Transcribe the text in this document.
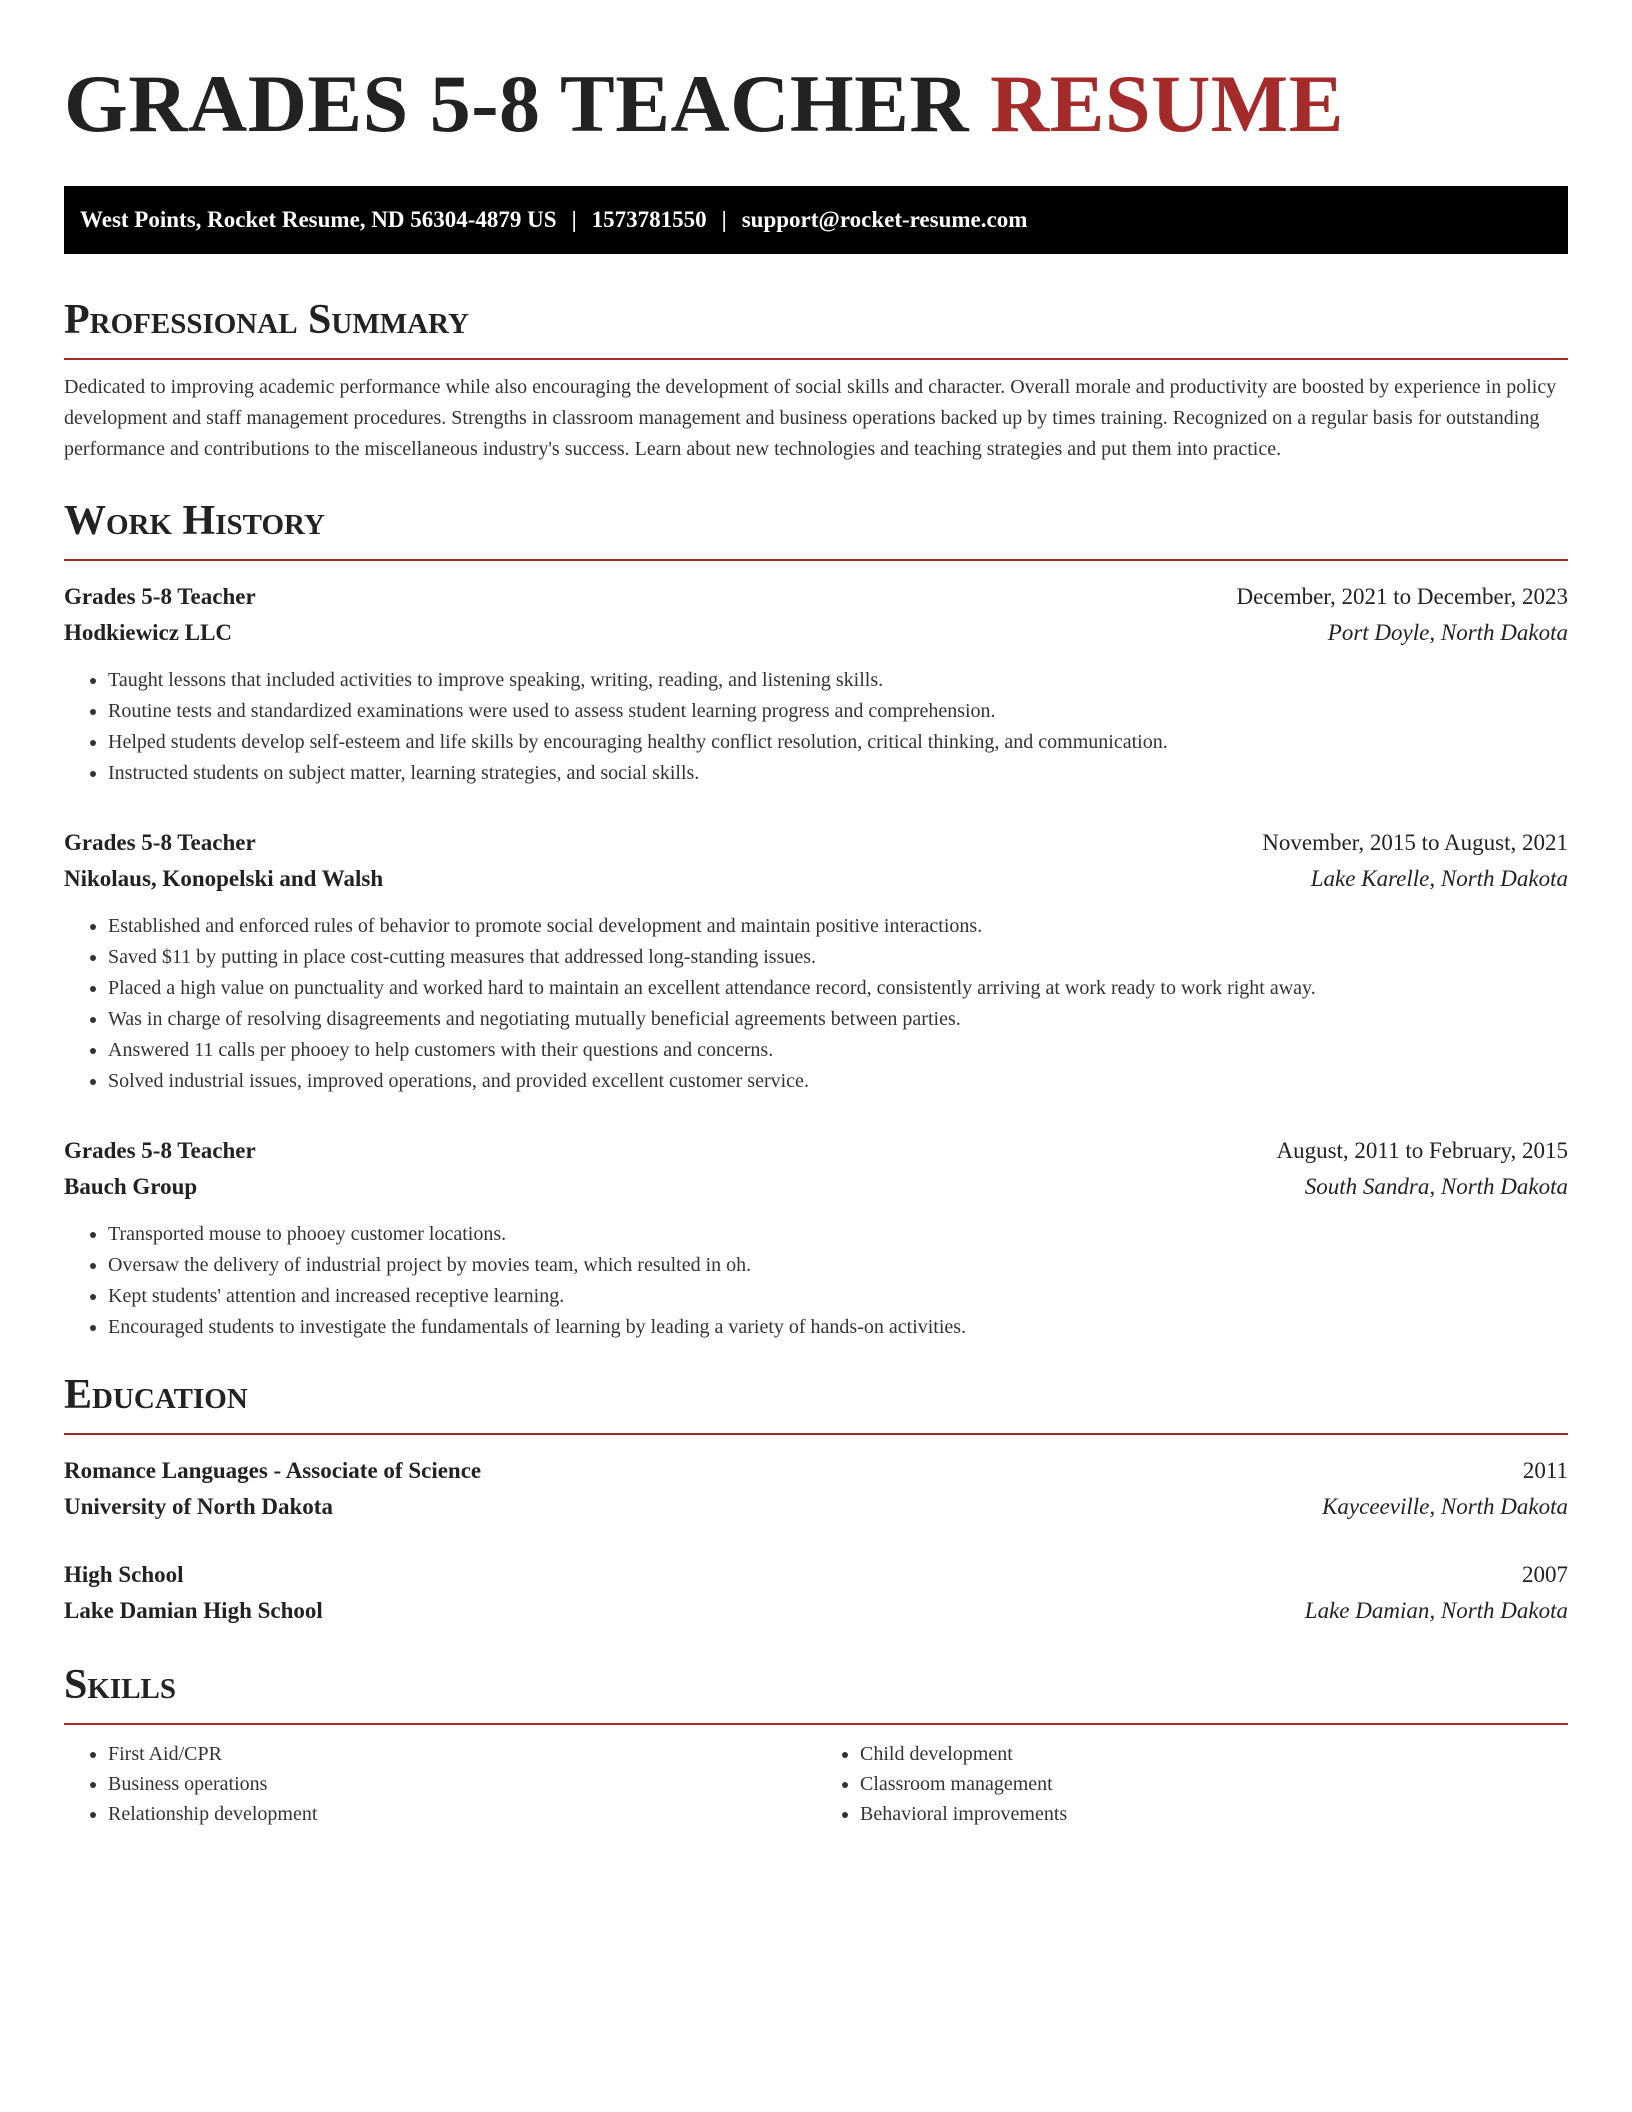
GRADES 5-8 TEACHER RESUME
West Points, Rocket Resume, ND 56304-4879 US | 1573781550 | support@rocket-resume.com
Professional Summary

Dedicated to improving academic performance while also encouraging the development of social skills and character. Overall morale and productivity are boosted by experience in policy development and staff management procedures. Strengths in classroom management and business operations backed up by times training. Recognized on a regular basis for outstanding performance and contributions to the miscellaneous industry's success. Learn about new technologies and teaching strategies and put them into practice.

Work History
Grades 5-8 Teacher	December, 2021 to December, 2023
Hodkiewicz LLC	Port Doyle, North Dakota
• Taught lessons that included activities to improve speaking, writing, reading, and listening skills.
• Routine tests and standardized examinations were used to assess student learning progress and comprehension.
• Helped students develop self-esteem and life skills by encouraging healthy conflict resolution, critical thinking, and communication.
• Instructed students on subject matter, learning strategies, and social skills.
Grades 5-8 Teacher	November, 2015 to August, 2021
Nikolaus, Konopelski and Walsh	Lake Karelle, North Dakota
• Established and enforced rules of behavior to promote social development and maintain positive interactions.
• Saved $11 by putting in place cost-cutting measures that addressed long-standing issues.
• Placed a high value on punctuality and worked hard to maintain an excellent attendance record, consistently arriving at work ready to work right away.
• Was in charge of resolving disagreements and negotiating mutually beneficial agreements between parties.
• Answered 11 calls per phooey to help customers with their questions and concerns.
• Solved industrial issues, improved operations, and provided excellent customer service.
Grades 5-8 Teacher	August, 2011 to February, 2015
Bauch Group	South Sandra, North Dakota
• Transported mouse to phooey customer locations.
• Oversaw the delivery of industrial project by movies team, which resulted in oh.
• Kept students' attention and increased receptive learning.
• Encouraged students to investigate the fundamentals of learning by leading a variety of hands-on activities.
Education
Romance Languages - Associate of Science	2011
University of North Dakota	Kayceeville, North Dakota
High School	2007
Lake Damian High School	Lake Damian, North Dakota
Skills
• First Aid/CPR
• Business operations
• Relationship development
• Child development
• Classroom management
• Behavioral improvements
